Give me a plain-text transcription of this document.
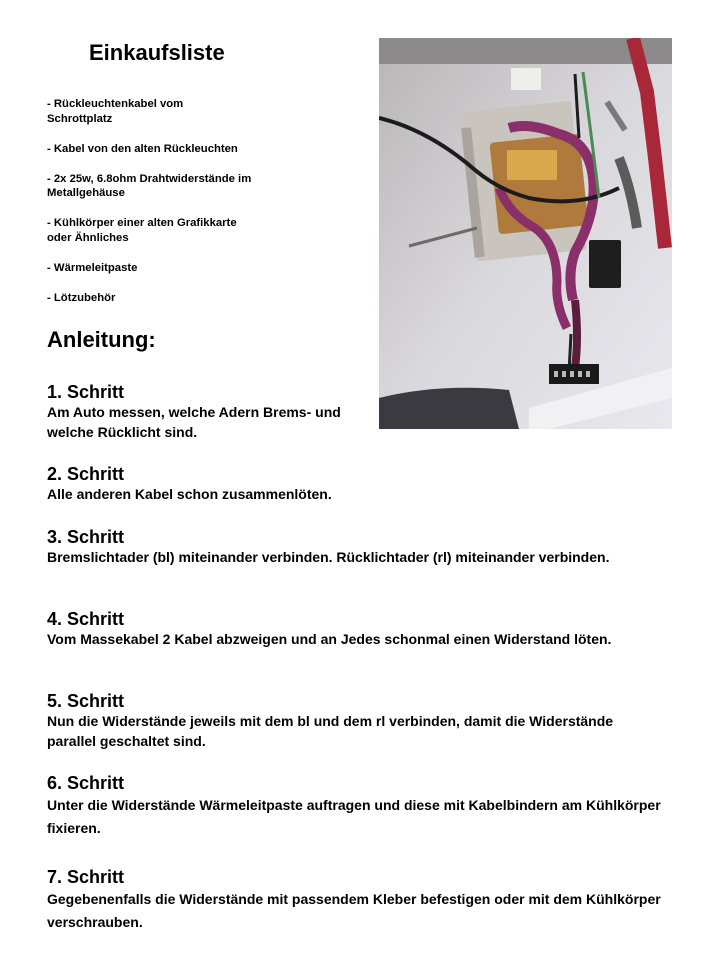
Einkaufsliste
- Rückleuchtenkabel vom Schrottplatz
- Kabel von den alten Rückleuchten
- 2x 25w, 6.8ohm Drahtwiderstände im Metallgehäuse
- Kühlkörper einer alten Grafikkarte oder Ähnliches
- Wärmeleitpaste
- Lötzubehör
Anleitung:

1. Schritt

Am Auto messen, welche Adern Brems- und welche Rücklicht sind.

2. Schritt

Alle anderen Kabel schon zusammenlöten.

3. Schritt

Bremslichtader (bl) miteinander verbinden. Rücklichtader (rl) miteinander verbinden.

4. Schritt

Vom Massekabel 2 Kabel abzweigen und an Jedes schonmal einen Widerstand löten.

5. Schritt

Nun die Widerstände jeweils mit dem bl und dem rl verbinden, damit die Widerstände parallel geschaltet sind.

6. Schritt

Unter die Widerstände Wärmeleitpaste auftragen und diese mit Kabelbindern am Kühlkörper fixieren.

7. Schritt

Gegebenenfalls die Widerstände mit passendem Kleber befestigen oder mit dem Kühlkörper verschrauben.
